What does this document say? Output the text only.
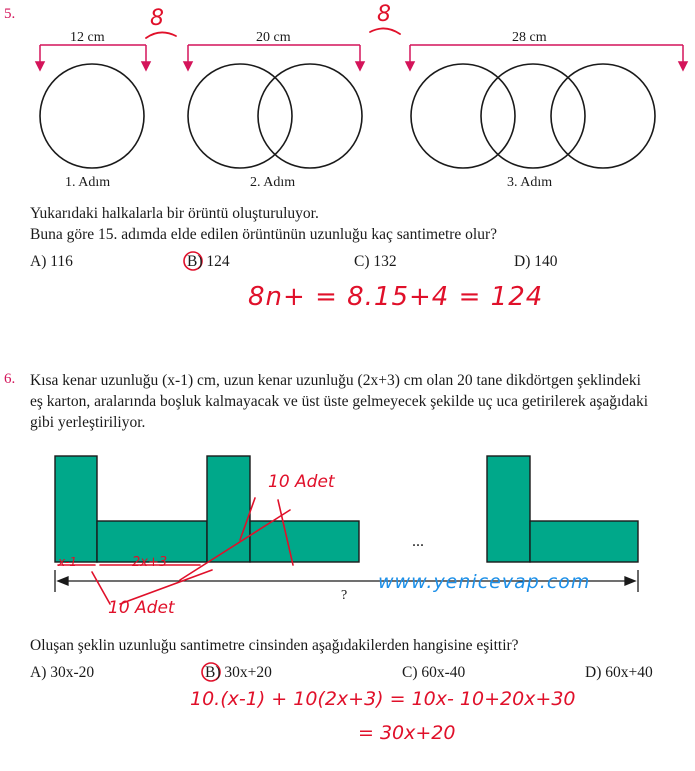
5.
12 cm	20 cm	28 cm
8	8
1. Adım	2. Adım	3. Adım
Yukarıdaki halkalarla bir örüntü oluşturuluyor.
Buna göre 15. adımda elde edilen örüntünün uzunluğu kaç santimetre olur?
A) 116	B) 124	C) 132	D) 140
8n+ = 8.15+4 = 124
6. Kısa kenar uzunluğu (x-1) cm, uzun kenar uzunluğu (2x+3) cm olan 20 tane dikdörtgen şeklindeki
eş karton, aralarında boşluk kalmayacak ve üst üste gelmeyecek şekilde uç uca getirilerek aşağıdaki
gibi yerleştiriliyor.
...
?
x-1	2x+3
10 Adet
10 Adet
www.yenicevap.com
Oluşan şeklin uzunluğu santimetre cinsinden aşağıdakilerden hangisine eşittir?
A) 30x-20	B) 30x+20	C) 60x-40	D) 60x+40
10.(x-1) + 10(2x+3) = 10x- 10+20x+30
= 30x+20
